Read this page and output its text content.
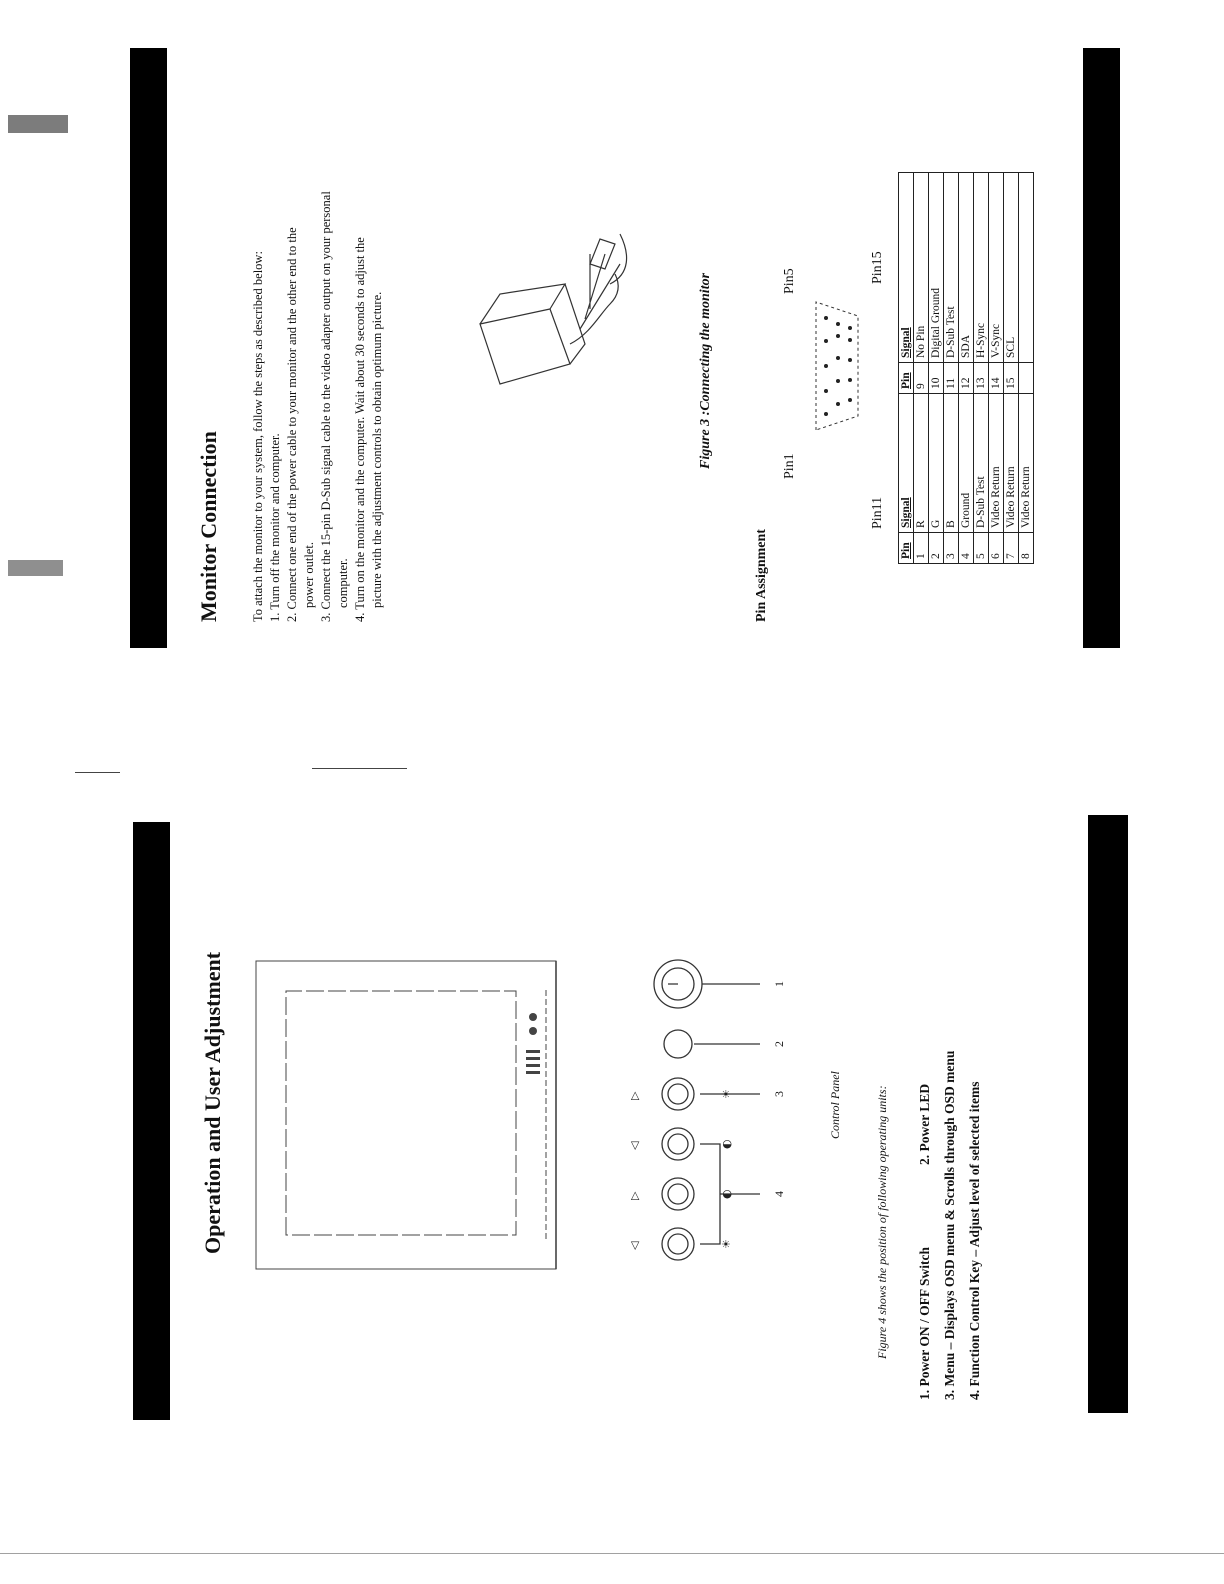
Monitor Connection To attach the monitor to your system, follow the steps as described below: 1. Turn off the monitor and computer. 2. Connect one end of the power cable to your monitor and the other end to the power outlet. 3. Connect the 15-pin D-Sub signal cable to the video adapter output on your personal computer. 4. Turn on the monitor and the computer. Wait about 30 seconds to adjust the picture with the adjustment controls to obtain optimum picture.	Figure 3 :Connecting the monitor
Pin Assignment
Pin1
Pin5
Pin11
Pin15
Pin	Signal	Pin	Signal
1	R	9	No Pin
2	G	10	Digital Ground
3	B	11	D-Sub Test
4	Ground	12	SDA
5	D-Sub Test	13	H-Sync
6	Video Return	14	V-Sync
7	Video Return	15	SCL
8	Video Return		
Operation and User Adjustment	◁
▷
◁
▷
☀
◐
◐
☀
4
3
2
1
Control Panel	Figure 4 shows the position of following operating units:	1. Power ON / OFF Switch2. Power LED 3. Menu – Displays OSD menu & Scrolls through OSD menu 4. Function Control Key – Adjust level of selected items
